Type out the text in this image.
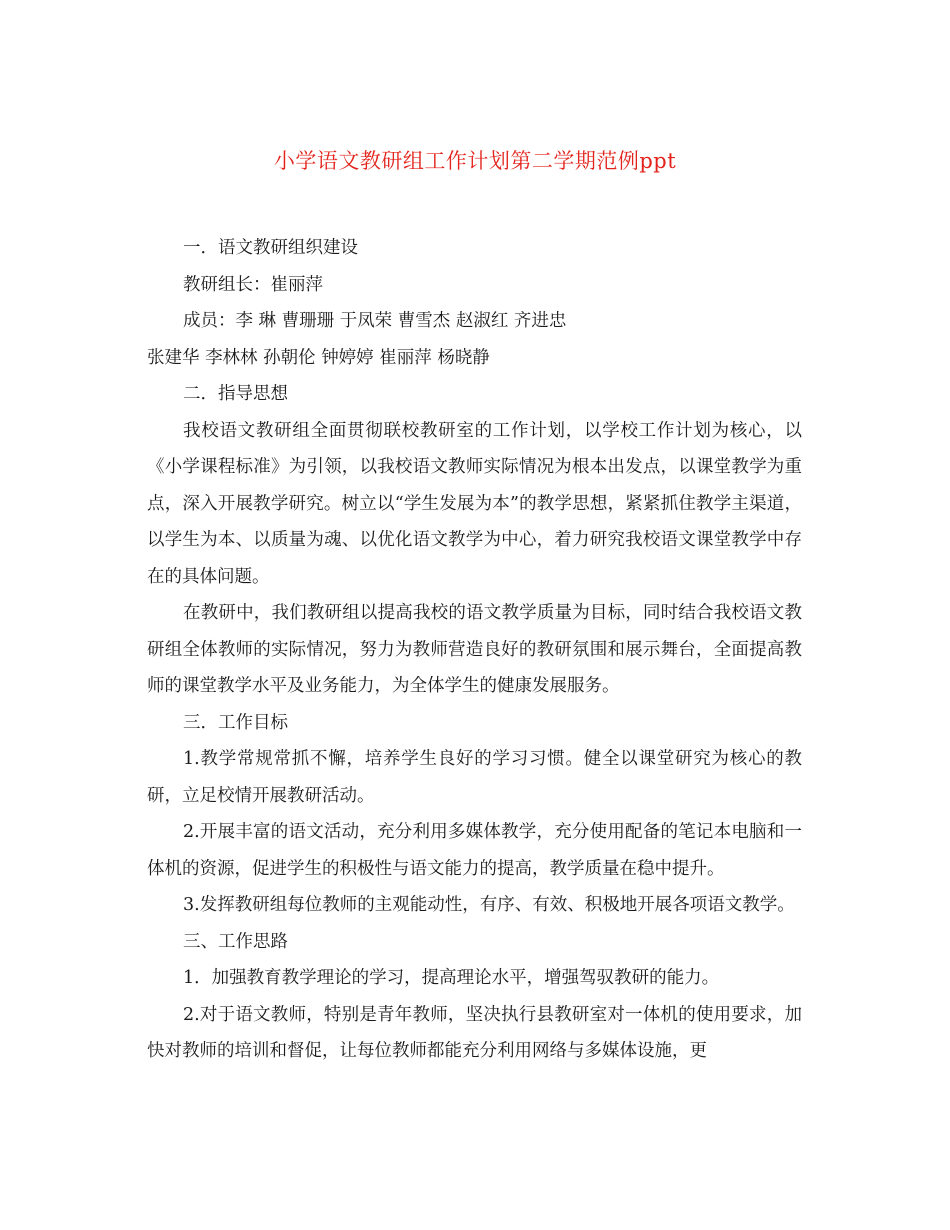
小学语文教研组工作计划第二学期范例ppt

一．语文教研组织建设

教研组长：崔丽萍

成员：李 琳 曹珊珊 于凤荣 曹雪杰 赵淑红 齐进忠

张建华 李林林 孙朝伦 钟婷婷 崔丽萍 杨晓静

二．指导思想

我校语文教研组全面贯彻联校教研室的工作计划，以学校工作计划为核心，以《小学课程标准》为引领，以我校语文教师实际情况为根本出发点，以课堂教学为重点，深入开展教学研究。树立以“学生发展为本”的教学思想，紧紧抓住教学主渠道，以学生为本、以质量为魂、以优化语文教学为中心，着力研究我校语文课堂教学中存在的具体问题。

在教研中，我们教研组以提高我校的语文教学质量为目标，同时结合我校语文教研组全体教师的实际情况，努力为教师营造良好的教研氛围和展示舞台，全面提高教师的课堂教学水平及业务能力，为全体学生的健康发展服务。

三．工作目标

1.教学常规常抓不懈，培养学生良好的学习习惯。健全以课堂研究为核心的教研，立足校情开展教研活动。

2.开展丰富的语文活动，充分利用多媒体教学，充分使用配备的笔记本电脑和一体机的资源，促进学生的积极性与语文能力的提高，教学质量在稳中提升。

3.发挥教研组每位教师的主观能动性，有序、有效、积极地开展各项语文教学。

三、工作思路

1．加强教育教学理论的学习，提高理论水平，增强驾驭教研的能力。

2.对于语文教师，特别是青年教师，坚决执行县教研室对一体机的使用要求，加快对教师的培训和督促，让每位教师都能充分利用网络与多媒体设施，更
